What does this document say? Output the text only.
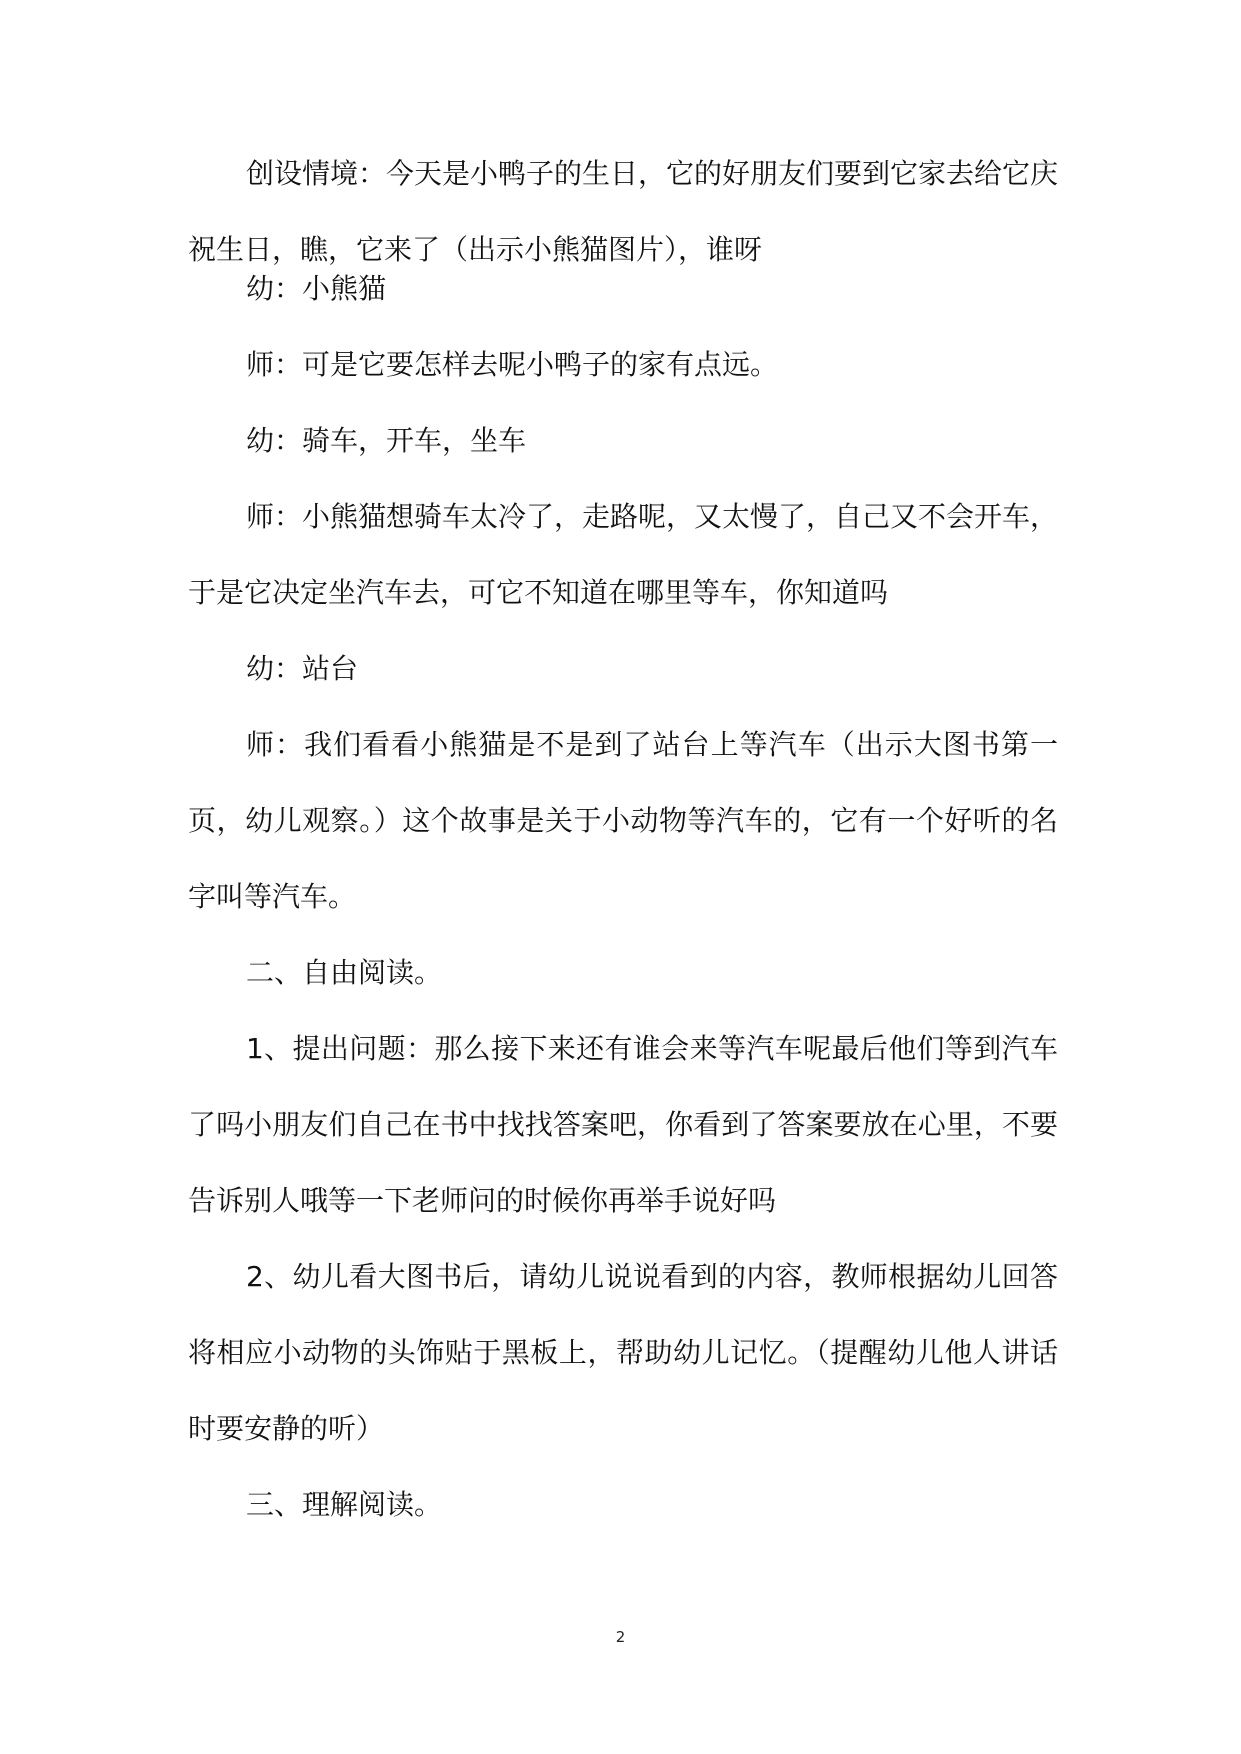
创设情境：今天是小鸭子的生日，它的好朋友们要到它家去给它庆祝生日，瞧，它来了（出示小熊猫图片），谁呀

幼：小熊猫

师：可是它要怎样去呢小鸭子的家有点远。

幼：骑车，开车，坐车

师：小熊猫想骑车太冷了，走路呢，又太慢了，自己又不会开车，于是它决定坐汽车去，可它不知道在哪里等车，你知道吗

幼：站台

师：我们看看小熊猫是不是到了站台上等汽车（出示大图书第一页，幼儿观察。）这个故事是关于小动物等汽车的，它有一个好听的名字叫等汽车。

二、自由阅读。

1、提出问题：那么接下来还有谁会来等汽车呢最后他们等到汽车了吗小朋友们自己在书中找找答案吧，你看到了答案要放在心里，不要告诉别人哦等一下老师问的时候你再举手说好吗

2、幼儿看大图书后，请幼儿说说看到的内容，教师根据幼儿回答将相应小动物的头饰贴于黑板上，帮助幼儿记忆。（提醒幼儿他人讲话时要安静的听）

三、理解阅读。

2
